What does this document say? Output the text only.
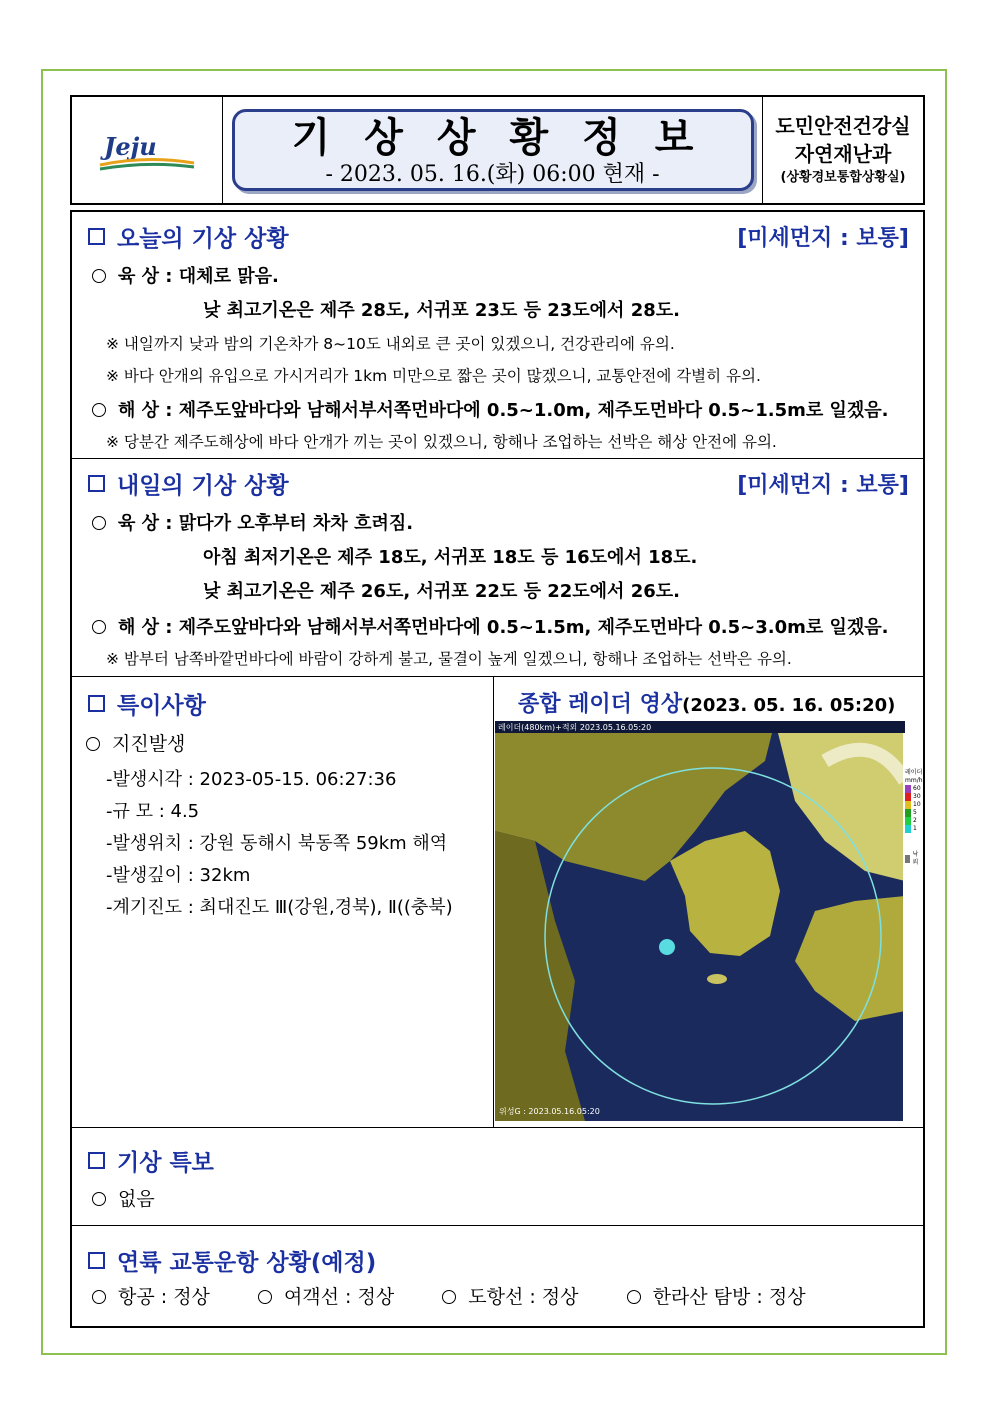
Jeju	기상상황정보
- 2023. 05. 16.(화) 06:00 현재 -
도민안전건강실
자연재난과
(상황경보통합상황실)
오늘의 기상 상황	[미세먼지 : 보통]
육 상 : 대체로 맑음.
낮 최고기온은 제주 28도, 서귀포 23도 등 23도에서 28도.
※ 내일까지 낮과 밤의 기온차가 8~10도 내외로 큰 곳이 있겠으니, 건강관리에 유의.
※ 바다 안개의 유입으로 가시거리가 1km 미만으로 짧은 곳이 많겠으니, 교통안전에 각별히 유의.
해 상 : 제주도앞바다와 남해서부서쪽먼바다에 0.5~1.0m, 제주도먼바다 0.5~1.5m로 일겠음.
※ 당분간 제주도해상에 바다 안개가 끼는 곳이 있겠으니, 항해나 조업하는 선박은 해상 안전에 유의.
내일의 기상 상황	[미세먼지 : 보통]
육 상 : 맑다가 오후부터 차차 흐려짐.
아침 최저기온은 제주 18도, 서귀포 18도 등 16도에서 18도.
낮 최고기온은 제주 26도, 서귀포 22도 등 22도에서 26도.
해 상 : 제주도앞바다와 남해서부서쪽먼바다에 0.5~1.5m, 제주도먼바다 0.5~3.0m로 일겠음.
※ 밤부터 남쪽바깥먼바다에 바람이 강하게 불고, 물결이 높게 일겠으니, 항해나 조업하는 선박은 유의.
특이사항
지진발생
-발생시각 : 2023-05-15. 06:27:36
-규 모 : 4.5
-발생위치 : 강원 동해시 북동쪽 59km 해역
-발생깊이 : 32km
-계기진도 : 최대진도 Ⅲ(강원,경북), Ⅱ((충북)
종합 레이더 영상(2023. 05. 16. 05:20)
레이더(480km)+적외 2023.05.16.05:20
위성G : 2023.05.16.05:20
레이더
mm/h
60
30
10
5
2
1
낙뢰
기상 특보
없음
연륙 교통운항 상황(예정)
항공 : 정상	여객선 : 정상	도항선 : 정상	한라산 탐방 : 정상
